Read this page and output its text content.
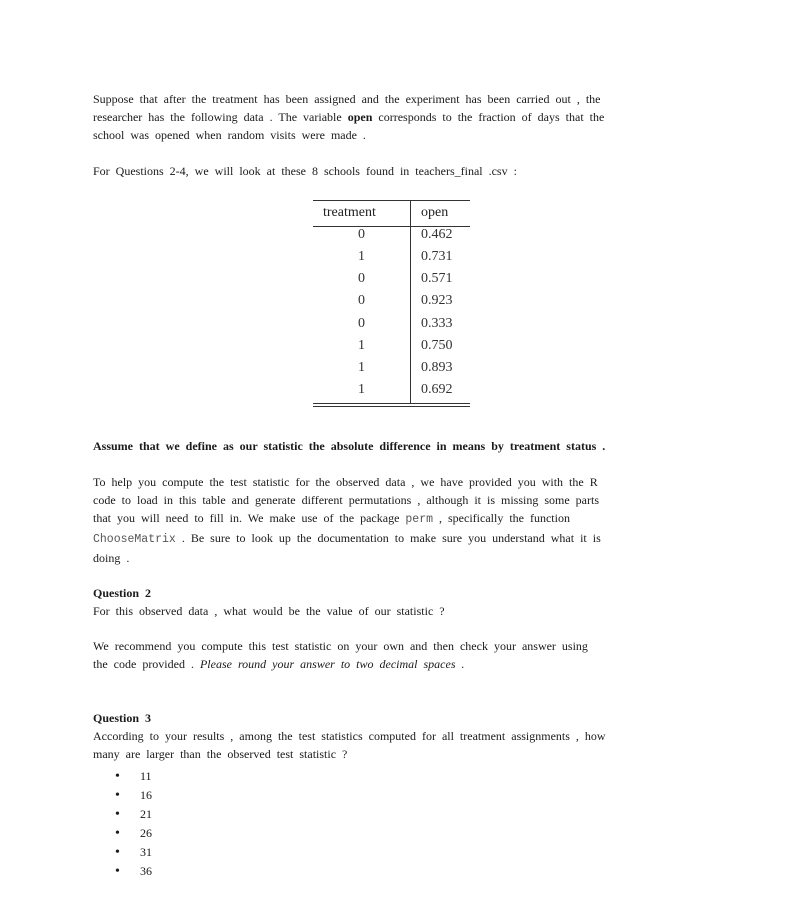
Suppose that after the treatment has been assigned and the experiment has been carried out , the
researcher has the following data . The variable open corresponds to the fraction of days that the
school was opened when random visits were made .

For Questions 2-4, we will look at these 8 schools found in teachers_final .csv :

treatment	open
0	0.462
1	0.731
0	0.571
0	0.923
0	0.333
1	0.750
1	0.893
1	0.692

Assume that we define as our statistic the absolute difference in means by treatment status .

To help you compute the test statistic for the observed data , we have provided you with the R
code to load in this table and generate different permutations , although it is missing some parts
that you will need to fill in. We make use of the package perm , specifically the function
ChooseMatrix . Be sure to look up the documentation to make sure you understand what it is
doing .

Question 2
For this observed data , what would be the value of our statistic ?

We recommend you compute this test statistic on your own and then check your answer using
the code provided . Please round your answer to two decimal spaces .

Question 3
According to your results , among the test statistics computed for all treatment assignments , how
many are larger than the observed test statistic ?

• 11
• 16
• 21
• 26
• 31
• 36
